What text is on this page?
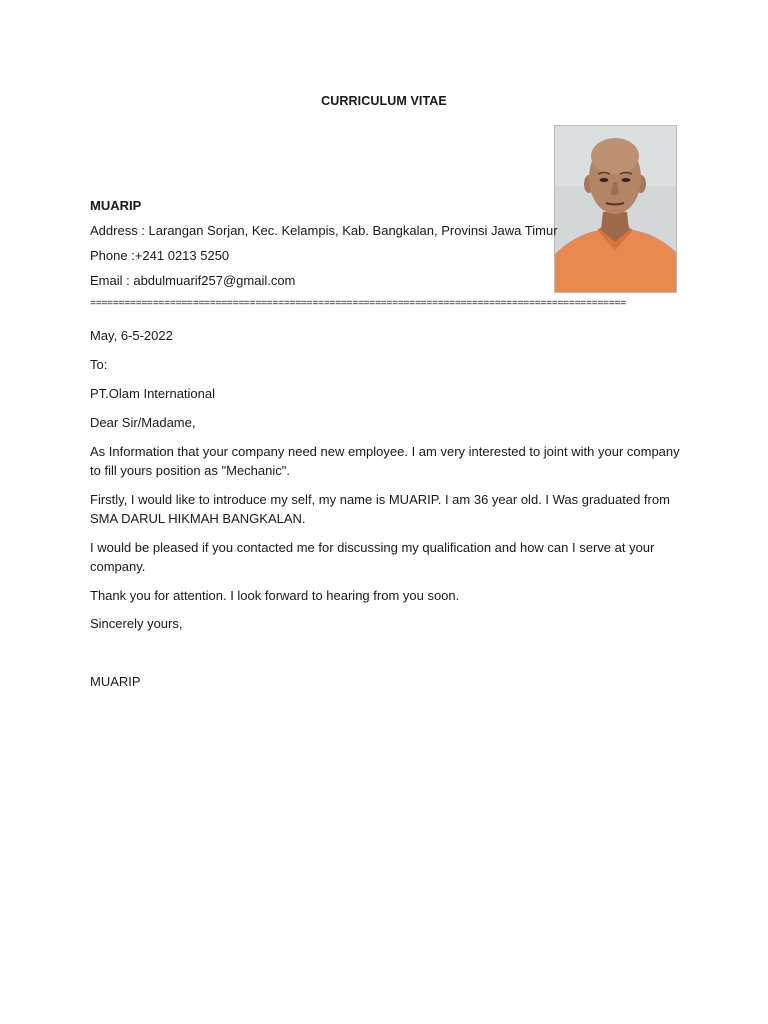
CURRICULUM VITAE
MUARIP
Address : Larangan Sorjan, Kec. Kelampis, Kab. Bangkalan, Provinsi Jawa Timur
Phone :+241 0213 5250
Email : abdulmuarif257@gmail.com
==============================================================================================
May, 6-5-2022
To:
PT.Olam International
Dear Sir/Madame,
As Information that your company need new employee. I am very interested to joint with your company to fill yours position as "Mechanic".
Firstly, I would like to introduce my self, my name is MUARIP. I am 36 year old. I Was graduated from SMA DARUL HIKMAH BANGKALAN.
I would be pleased if you contacted me for discussing my qualification and how can I serve at your company.
Thank you for attention. I look forward to hearing from you soon.
Sincerely yours,
MUARIP
